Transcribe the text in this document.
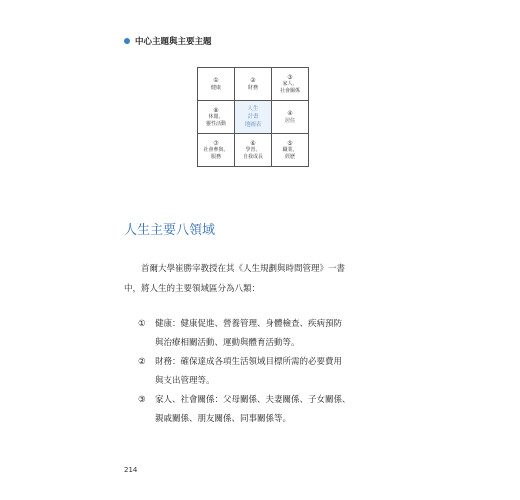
中心主題與主要主題
①
健康
②
財務
③
家人、
社會關係
⑧
休閒、
靈性活動
人生
計畫
地圖表
④
居住
⑦
社會參與、
服務
⑥
學習、
自我成長
⑤
職業、
經歷
人生主要八領域

首爾大學崔勝宰教授在其《人生規劃與時間管理》一書
中，將人生的主要領域區分為八類：

① 健康：健康促進、營養管理、身體檢查、疾病預防
與治療相關活動、運動與體育活動等。
② 財務：確保達成各項生活領域目標所需的必要費用
與支出管理等。
③ 家人、社會關係：父母關係、夫妻關係、子女關係、
親戚關係、朋友關係、同事關係等。
214
